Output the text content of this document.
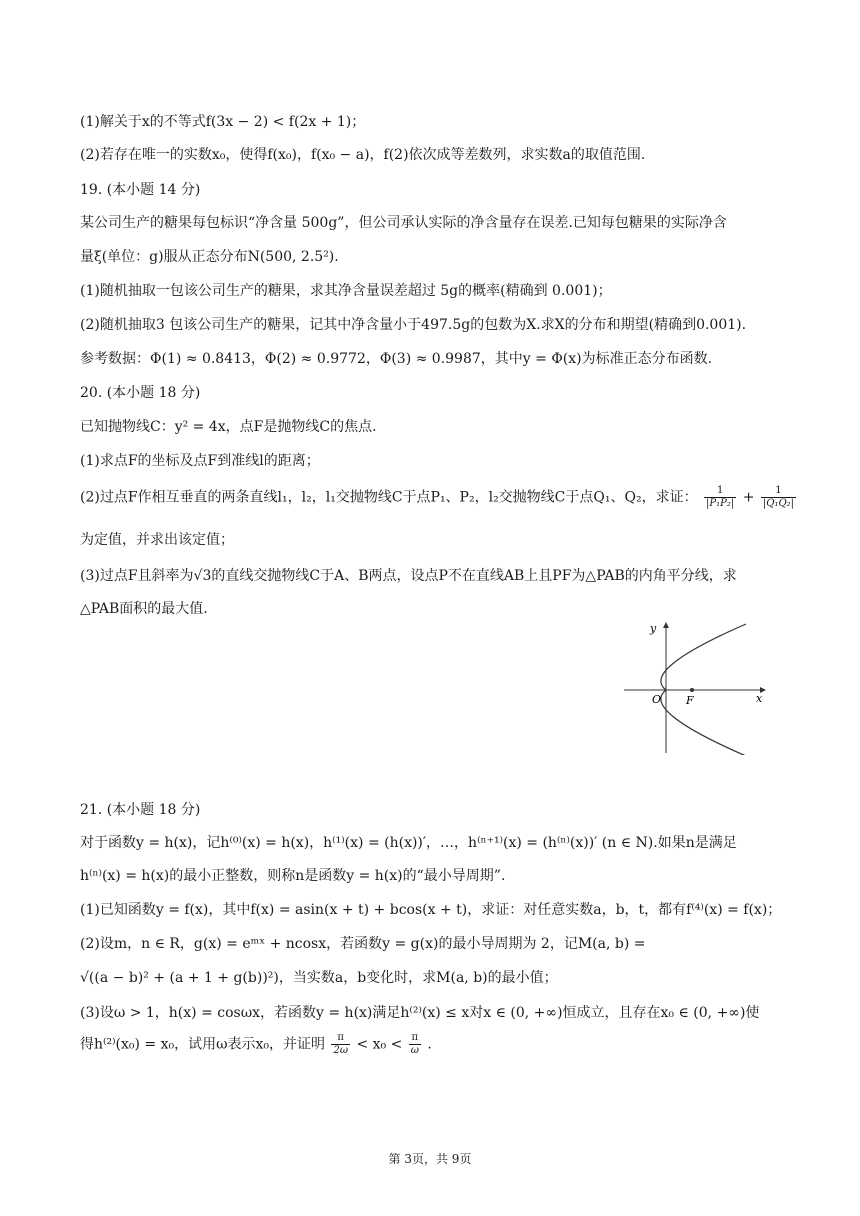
(1)解关于x的不等式f(3x − 2) < f(2x + 1)；
(2)若存在唯一的实数x₀，使得f(x₀)，f(x₀ − a)，f(2)依次成等差数列，求实数a的取值范围.
19. (本小题 14 分)
某公司生产的糖果每包标识“净含量 500g”，但公司承认实际的净含量存在误差.已知每包糖果的实际净含
量ξ(单位：g)服从正态分布N(500, 2.5²).
(1)随机抽取一包该公司生产的糖果，求其净含量误差超过 5g的概率(精确到 0.001)；
(2)随机抽取3 包该公司生产的糖果，记其中净含量小于497.5g的包数为X.求X的分布和期望(精确到0.001).
参考数据：Φ(1) ≈ 0.8413，Φ(2) ≈ 0.9772，Φ(3) ≈ 0.9987，其中y = Φ(x)为标准正态分布函数.
20. (本小题 18 分)
已知抛物线C：y² = 4x，点F是抛物线C的焦点.
(1)求点F的坐标及点F到准线l的距离；
为定值，并求出该定值；
(3)过点F且斜率为√3的直线交抛物线C于A、B两点，设点P不在直线AB上且PF为△PAB的内角平分线，求
△PAB面积的最大值.
21. (本小题 18 分)
对于函数y = h(x)，记h⁽⁰⁾(x) = h(x)，h⁽¹⁾(x) = (h(x))′，…，h⁽ⁿ⁺¹⁾(x) = (h⁽ⁿ⁾(x))′ (n ∈ N).如果n是满足
h⁽ⁿ⁾(x) = h(x)的最小正整数，则称n是函数y = h(x)的“最小导周期”.
(1)已知函数y = f(x)，其中f(x) = asin(x + t) + bcos(x + t)，求证：对任意实数a，b，t，都有f⁽⁴⁾(x) = f(x)；
(2)设m，n ∈ R，g(x) = eᵐˣ + ncosx，若函数y = g(x)的最小导周期为 2，记M(a, b) =
√((a − b)² + (a + 1 + g(b))²)，当实数a，b变化时，求M(a, b)的最小值；
(3)设ω > 1，h(x) = cosωx，若函数y = h(x)满足h⁽²⁾(x) ≤ x对x ∈ (0, +∞)恒成立，且存在x₀ ∈ (0, +∞)使
(2)过点F作相互垂直的两条直线l₁，l₂，l₁交抛物线C于点P₁、P₂，l₂交抛物线C于点Q₁、Q₂，求证： $\frac{1}{\text{|P₁P₂|}} + \frac{1}{\text{|Q₁Q₂|}}$
得h⁽²⁾(x₀) = x₀，试用ω表示x₀，并证明 $\frac{\pi}{2\omega} < x_0 < \frac{\pi}{\omega}$ .
y
x
O F
第 3页，共 9页
